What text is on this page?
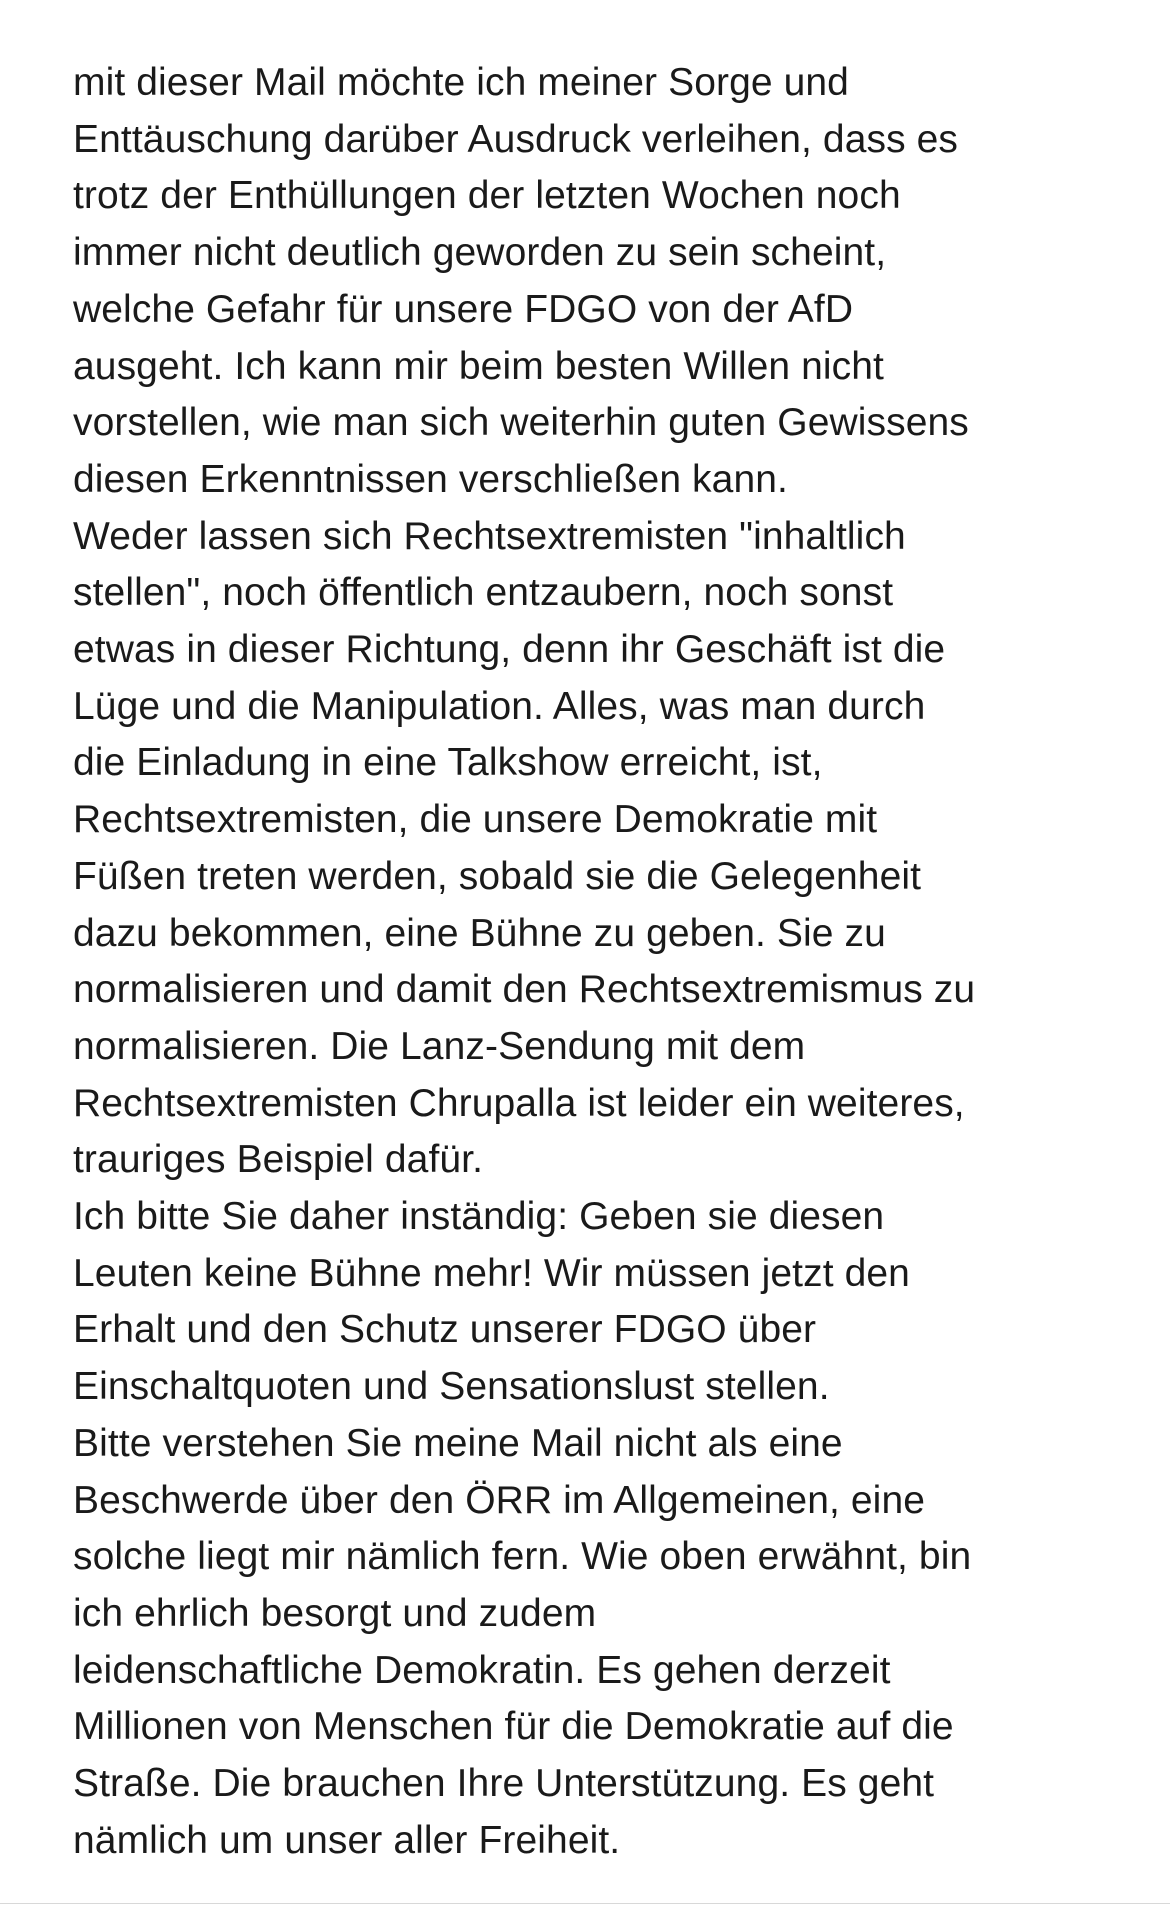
mit dieser Mail möchte ich meiner Sorge und
Enttäuschung darüber Ausdruck verleihen, dass es
trotz der Enthüllungen der letzten Wochen noch
immer nicht deutlich geworden zu sein scheint,
welche Gefahr für unsere FDGO von der AfD
ausgeht. Ich kann mir beim besten Willen nicht
vorstellen, wie man sich weiterhin guten Gewissens
diesen Erkenntnissen verschließen kann.
Weder lassen sich Rechtsextremisten "inhaltlich
stellen", noch öffentlich entzaubern, noch sonst
etwas in dieser Richtung, denn ihr Geschäft ist die
Lüge und die Manipulation. Alles, was man durch
die Einladung in eine Talkshow erreicht, ist,
Rechtsextremisten, die unsere Demokratie mit
Füßen treten werden, sobald sie die Gelegenheit
dazu bekommen, eine Bühne zu geben. Sie zu
normalisieren und damit den Rechtsextremismus zu
normalisieren. Die Lanz-Sendung mit dem
Rechtsextremisten Chrupalla ist leider ein weiteres,
trauriges Beispiel dafür.
Ich bitte Sie daher inständig: Geben sie diesen
Leuten keine Bühne mehr! Wir müssen jetzt den
Erhalt und den Schutz unserer FDGO über
Einschaltquoten und Sensationslust stellen.
Bitte verstehen Sie meine Mail nicht als eine
Beschwerde über den ÖRR im Allgemeinen, eine
solche liegt mir nämlich fern. Wie oben erwähnt, bin
ich ehrlich besorgt und zudem
leidenschaftliche Demokratin. Es gehen derzeit
Millionen von Menschen für die Demokratie auf die
Straße. Die brauchen Ihre Unterstützung. Es geht
nämlich um unser aller Freiheit.
